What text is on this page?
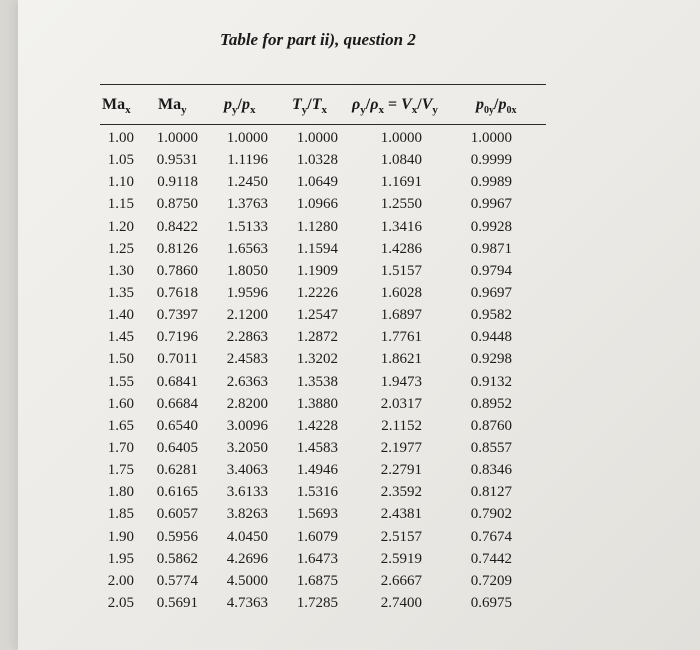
Table for part ii), question 2
$Ma_x$ $Ma_y$ $p_y/p_x$ $T_y/T_x$ $\rho_y/\rho_x = V_x/V_y$ $p_{0y}/p_{0x}$
1.00	1.0000	1.0000	1.0000	1.0000	1.0000
1.05	0.9531	1.1196	1.0328	1.0840	0.9999
1.10	0.9118	1.2450	1.0649	1.1691	0.9989
1.15	0.8750	1.3763	1.0966	1.2550	0.9967
1.20	0.8422	1.5133	1.1280	1.3416	0.9928
1.25	0.8126	1.6563	1.1594	1.4286	0.9871
1.30	0.7860	1.8050	1.1909	1.5157	0.9794
1.35	0.7618	1.9596	1.2226	1.6028	0.9697
1.40	0.7397	2.1200	1.2547	1.6897	0.9582
1.45	0.7196	2.2863	1.2872	1.7761	0.9448
1.50	0.7011	2.4583	1.3202	1.8621	0.9298
1.55	0.6841	2.6363	1.3538	1.9473	0.9132
1.60	0.6684	2.8200	1.3880	2.0317	0.8952
1.65	0.6540	3.0096	1.4228	2.1152	0.8760
1.70	0.6405	3.2050	1.4583	2.1977	0.8557
1.75	0.6281	3.4063	1.4946	2.2791	0.8346
1.80	0.6165	3.6133	1.5316	2.3592	0.8127
1.85	0.6057	3.8263	1.5693	2.4381	0.7902
1.90	0.5956	4.0450	1.6079	2.5157	0.7674
1.95	0.5862	4.2696	1.6473	2.5919	0.7442
2.00	0.5774	4.5000	1.6875	2.6667	0.7209
2.05	0.5691	4.7363	1.7285	2.7400	0.6975
